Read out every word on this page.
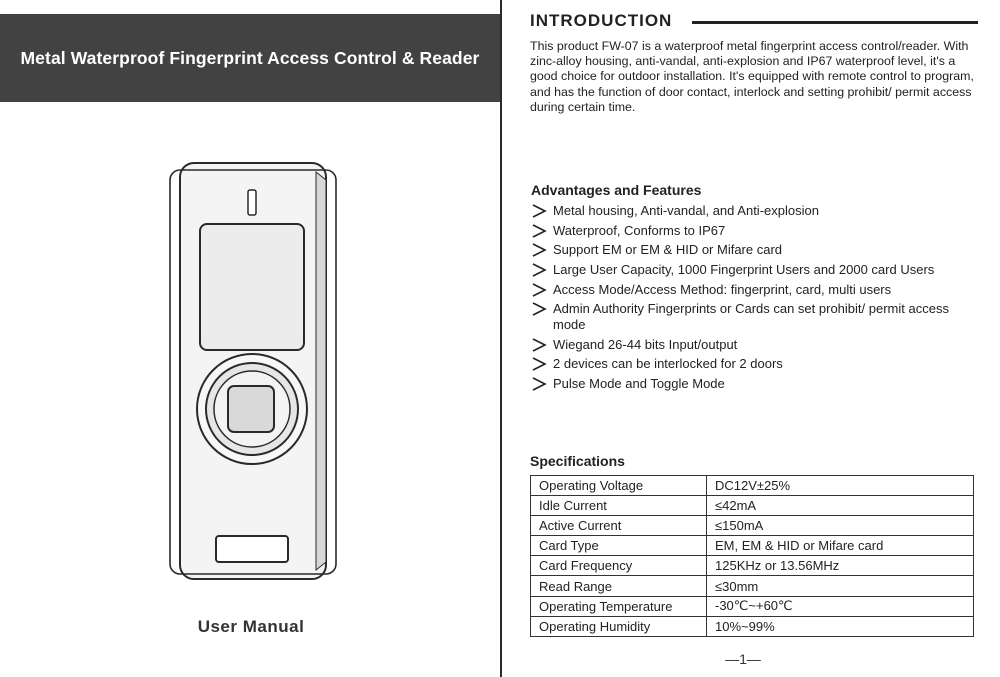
Metal Waterproof Fingerprint Access Control & Reader
User Manual
INTRODUCTION

This product FW-07 is a waterproof metal fingerprint access control/reader. With zinc-alloy housing, anti-vandal, anti-explosion and IP67 waterproof level, it's a good choice for outdoor installation. It's equipped with remote control to program, and has the function of door contact, interlock and setting prohibit/ permit access during certain time.

Advantages and Features
Metal housing, Anti-vandal, and Anti-explosion
Waterproof, Conforms to IP67
Support EM or EM & HID or Mifare card
Large User Capacity, 1000 Fingerprint Users and 2000 card Users
Access Mode/Access Method: fingerprint, card, multi users
Admin Authority Fingerprints or Cards can set prohibit/ permit access mode
Wiegand 26-44 bits Input/output
2 devices can be interlocked for 2 doors
Pulse Mode and Toggle Mode
Specifications
Operating Voltage	DC12V±25%
Idle Current	≤42mA
Active Current	≤150mA
Card Type	EM, EM & HID or Mifare card
Card Frequency	125KHz or 13.56MHz
Read Range	≤30mm
Operating Temperature	-30℃~+60℃
Operating Humidity	10%~99%
—1—
